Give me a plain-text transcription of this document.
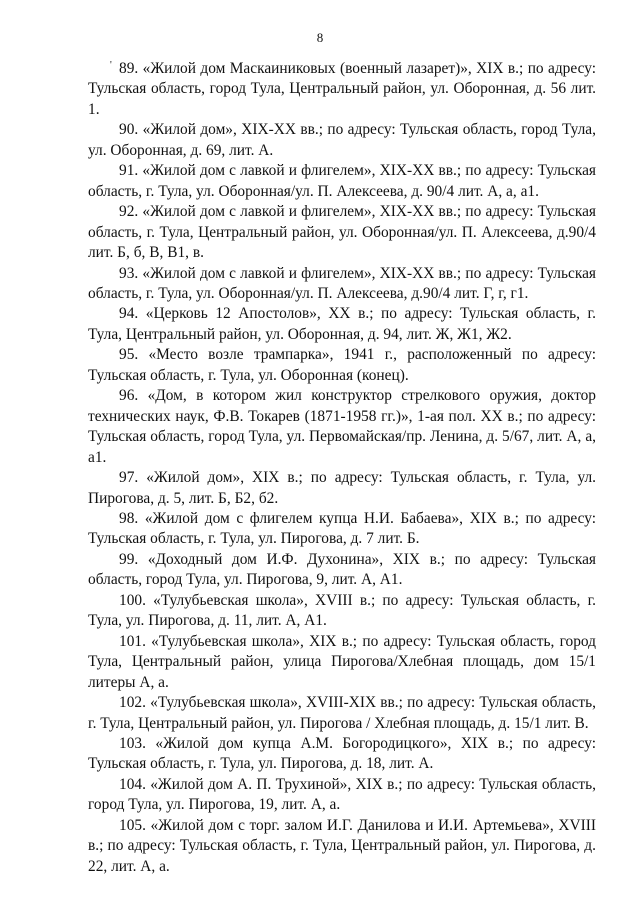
8
' 89. «Жилой дом Маскаиниковых (военный лазарет)», XIX в.; по адресу: Тульская область, город Тула, Центральный район, ул. Оборонная, д. 56 лит. 1.

90. «Жилой дом», XIX-XX вв.; по адресу: Тульская область, город Тула, ул. Оборонная, д. 69, лит. А.

91. «Жилой дом с лавкой и флигелем», XIX-XX вв.; по адресу: Тульская область, г. Тула, ул. Оборонная/ул. П. Алексеева, д. 90/4 лит. А, а, а1.

92. «Жилой дом с лавкой и флигелем», XIX-XX вв.; по адресу: Тульская область, г. Тула, Центральный район, ул. Оборонная/ул. П. Алексеева, д.90/4 лит. Б, б, В, В1, в.

93. «Жилой дом с лавкой и флигелем», XIX-XX вв.; по адресу: Тульская область, г. Тула, ул. Оборонная/ул. П. Алексеева, д.90/4 лит. Г, г, г1.

94. «Церковь 12 Апостолов», XX в.; по адресу: Тульская область, г. Тула, Центральный район, ул. Оборонная, д. 94, лит. Ж, Ж1, Ж2.

95. «Место возле трампарка», 1941 г., расположенный по адресу: Тульская область, г. Тула, ул. Оборонная (конец).

96. «Дом, в котором жил конструктор стрелкового оружия, доктор технических наук, Ф.В. Токарев (1871-1958 гг.)», 1-ая пол. XX в.; по адресу: Тульская область, город Тула, ул. Первомайская/пр. Ленина, д. 5/67, лит. А, а, а1.

97. «Жилой дом», XIX в.; по адресу: Тульская область, г. Тула, ул. Пирогова, д. 5, лит. Б, Б2, б2.

98. «Жилой дом с флигелем купца Н.И. Бабаева», XIX в.; по адресу: Тульская область, г. Тула, ул. Пирогова, д. 7 лит. Б.

99. «Доходный дом И.Ф. Духонина», XIX в.; по адресу: Тульская область, город Тула, ул. Пирогова, 9, лит. А, А1.

100. «Тулубьевская школа», XVIII в.; по адресу: Тульская область, г. Тула, ул. Пирогова, д. 11, лит. А, А1.

101. «Тулубьевская школа», XIX в.; по адресу: Тульская область, город Тула, Центральный район, улица Пирогова/Хлебная площадь, дом 15/1 литеры А, а.

102. «Тулубьевская школа», XVIII-XIX вв.; по адресу: Тульская область, г. Тула, Центральный район, ул. Пирогова / Хлебная площадь, д. 15/1 лит. В.

103. «Жилой дом купца А.М. Богородицкого», XIX в.; по адресу: Тульская область, г. Тула, ул. Пирогова, д. 18, лит. А.

104. «Жилой дом А. П. Трухиной», XIX в.; по адресу: Тульская область, город Тула, ул. Пирогова, 19, лит. А, а.

105. «Жилой дом с торг. залом И.Г. Данилова и И.И. Артемьева», XVIII в.; по адресу: Тульская область, г. Тула, Центральный район, ул. Пирогова, д. 22, лит. А, а.
